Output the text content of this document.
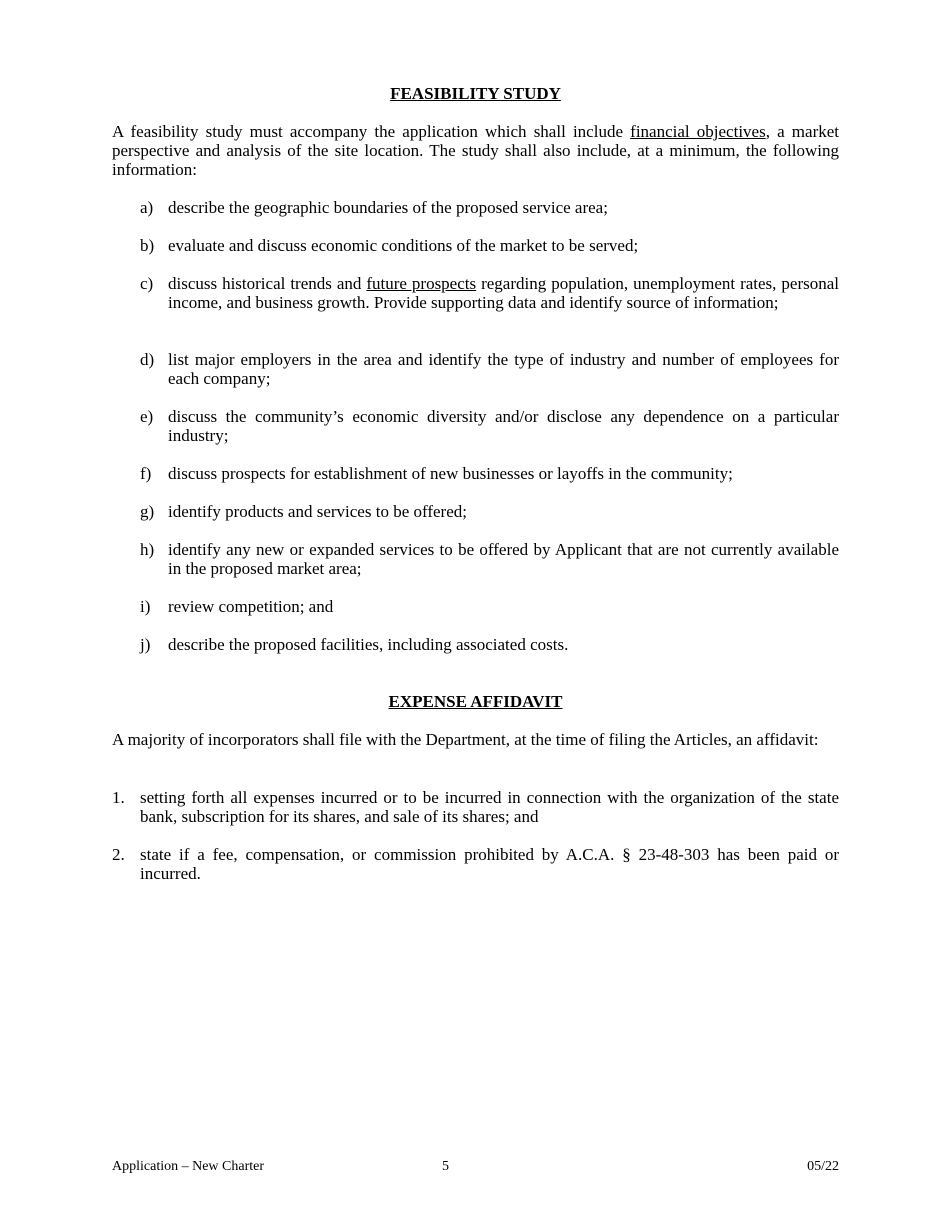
FEASIBILITY STUDY
A feasibility study must accompany the application which shall include financial objectives, a market perspective and analysis of the site location. The study shall also include, at a minimum, the following information:
a) describe the geographic boundaries of the proposed service area;
b) evaluate and discuss economic conditions of the market to be served;
c) discuss historical trends and future prospects regarding population, unemployment rates, personal income, and business growth. Provide supporting data and identify source of information;
d) list major employers in the area and identify the type of industry and number of employees for each company;
e) discuss the community’s economic diversity and/or disclose any dependence on a particular industry;
f) discuss prospects for establishment of new businesses or layoffs in the community;
g) identify products and services to be offered;
h) identify any new or expanded services to be offered by Applicant that are not currently available in the proposed market area;
i) review competition; and
j) describe the proposed facilities, including associated costs.
EXPENSE AFFIDAVIT
A majority of incorporators shall file with the Department, at the time of filing the Articles, an affidavit:
1. setting forth all expenses incurred or to be incurred in connection with the organization of the state bank, subscription for its shares, and sale of its shares; and
2. state if a fee, compensation, or commission prohibited by A.C.A. § 23-48-303 has been paid or incurred.
Application – New Charter	5	05/22
